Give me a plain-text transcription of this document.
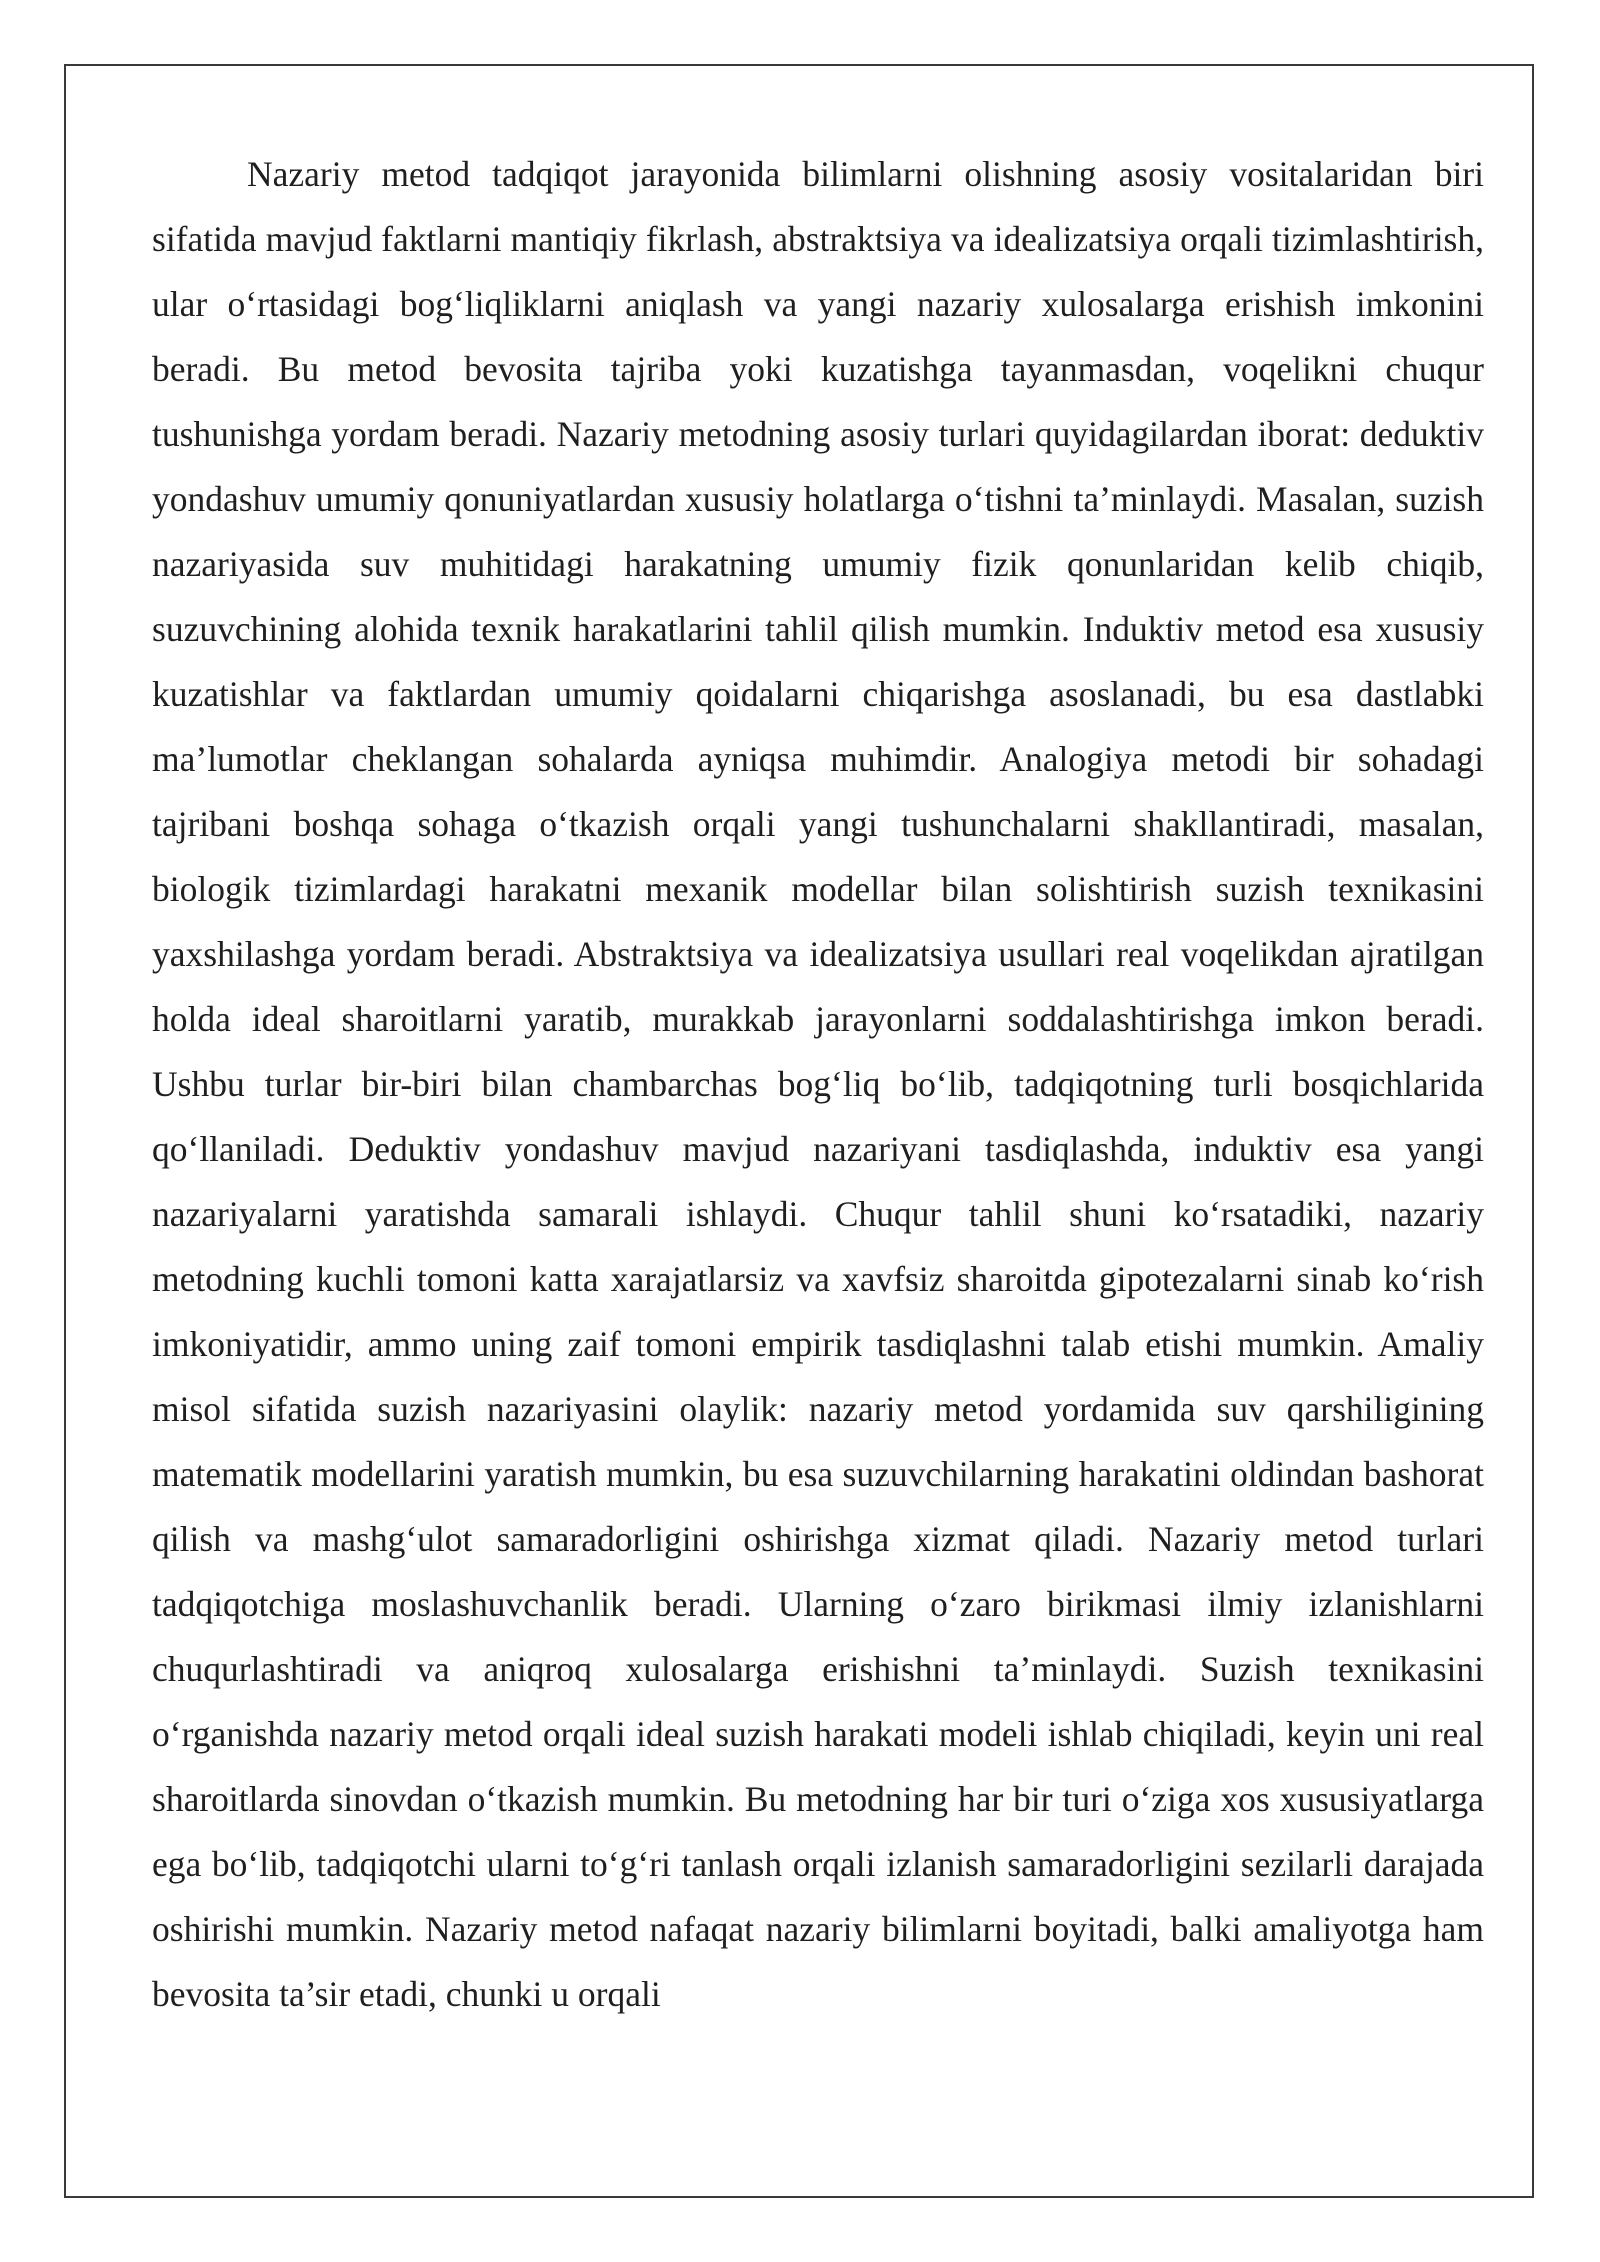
Nazariy metod tadqiqot jarayonida bilimlarni olishning asosiy vositalaridan biri sifatida mavjud faktlarni mantiqiy fikrlash, abstraktsiya va idealizatsiya orqali tizimlashtirish, ular o‘rtasidagi bog‘liqliklarni aniqlash va yangi nazariy xulosalarga erishish imkonini beradi. Bu metod bevosita tajriba yoki kuzatishga tayanmasdan, voqelikni chuqur tushunishga yordam beradi. Nazariy metodning asosiy turlari quyidagilardan iborat: deduktiv yondashuv umumiy qonuniyatlardan xususiy holatlarga o‘tishni ta’minlaydi. Masalan, suzish nazariyasida suv muhitidagi harakatning umumiy fizik qonunlaridan kelib chiqib, suzuvchining alohida texnik harakatlarini tahlil qilish mumkin. Induktiv metod esa xususiy kuzatishlar va faktlardan umumiy qoidalarni chiqarishga asoslanadi, bu esa dastlabki ma’lumotlar cheklangan sohalarda ayniqsa muhimdir. Analogiya metodi bir sohadagi tajribani boshqa sohaga o‘tkazish orqali yangi tushunchalarni shakllantiradi, masalan, biologik tizimlardagi harakatni mexanik modellar bilan solishtirish suzish texnikasini yaxshilashga yordam beradi. Abstraktsiya va idealizatsiya usullari real voqelikdan ajratilgan holda ideal sharoitlarni yaratib, murakkab jarayonlarni soddalashtirishga imkon beradi. Ushbu turlar bir-biri bilan chambarchas bog‘liq bo‘lib, tadqiqotning turli bosqichlarida qo‘llaniladi. Deduktiv yondashuv mavjud nazariyani tasdiqlashda, induktiv esa yangi nazariyalarni yaratishda samarali ishlaydi. Chuqur tahlil shuni ko‘rsatadiki, nazariy metodning kuchli tomoni katta xarajatlarsiz va xavfsiz sharoitda gipotezalarni sinab ko‘rish imkoniyatidir, ammo uning zaif tomoni empirik tasdiqlashni talab etishi mumkin. Amaliy misol sifatida suzish nazariyasini olaylik: nazariy metod yordamida suv qarshiligining matematik modellarini yaratish mumkin, bu esa suzuvchilarning harakatini oldindan bashorat qilish va mashg‘ulot samaradorligini oshirishga xizmat qiladi. Nazariy metod turlari tadqiqotchiga moslashuvchanlik beradi. Ularning o‘zaro birikmasi ilmiy izlanishlarni chuqurlashtiradi va aniqroq xulosalarga erishishni ta’minlaydi. Suzish texnikasini o‘rganishda nazariy metod orqali ideal suzish harakati modeli ishlab chiqiladi, keyin uni real sharoitlarda sinovdan o‘tkazish mumkin. Bu metodning har bir turi o‘ziga xos xususiyatlarga ega bo‘lib, tadqiqotchi ularni to‘g‘ri tanlash orqali izlanish samaradorligini sezilarli darajada oshirishi mumkin. Nazariy metod nafaqat nazariy bilimlarni boyitadi, balki amaliyotga ham bevosita ta’sir etadi, chunki u orqali
